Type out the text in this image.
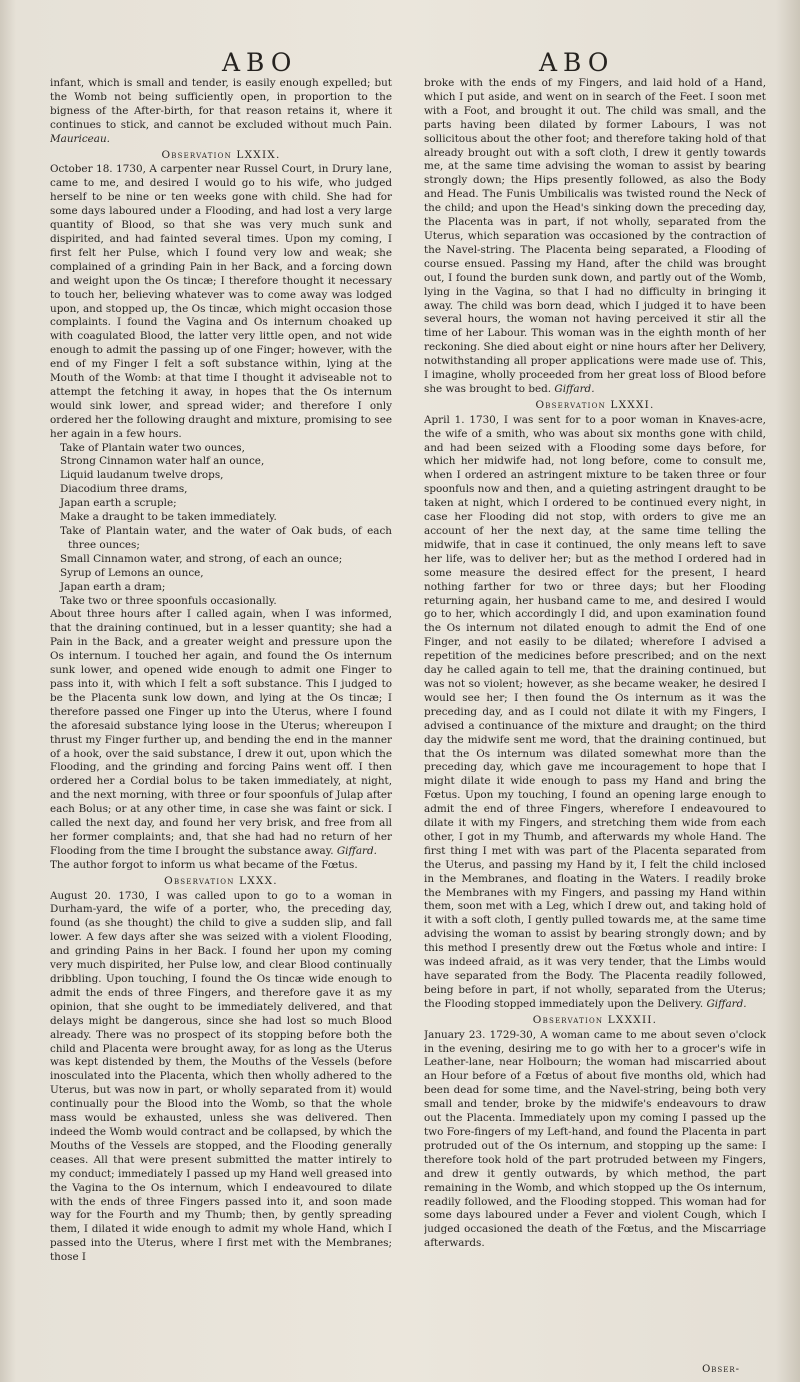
ABO	ABO

infant, which is small and tender, is easily enough expelled; but the Womb not being sufficiently open, in proportion to the bigness of the After-birth, for that reason retains it, where it continues to stick, and cannot be excluded without much Pain. Mauriceau.

Observation LXXIX.

October 18. 1730, A carpenter near Russel Court, in Drury lane, came to me, and desired I would go to his wife, who judged herself to be nine or ten weeks gone with child. She had for some days laboured under a Flooding, and had lost a very large quantity of Blood, so that she was very much sunk and dispirited, and had fainted several times. Upon my coming, I first felt her Pulse, which I found very low and weak; she complained of a grinding Pain in her Back, and a forcing down and weight upon the Os tincæ; I therefore thought it necessary to touch her, believing whatever was to come away was lodged upon, and stopped up, the Os tincæ, which might occasion those complaints. I found the Vagina and Os internum choaked up with coagulated Blood, the latter very little open, and not wide enough to admit the passing up of one Finger; however, with the end of my Finger I felt a soft substance within, lying at the Mouth of the Womb: at that time I thought it adviseable not to attempt the fetching it away, in hopes that the Os internum would sink lower, and spread wider; and therefore I only ordered her the following draught and mixture, promising to see her again in a few hours.

Take of Plantain water two ounces,
Strong Cinnamon water half an ounce,
Liquid laudanum twelve drops,
Diacodium three drams,
Japan earth a scruple;
Make a draught to be taken immediately.
Take of Plantain water, and the water of Oak buds, of each three ounces;
Small Cinnamon water, and strong, of each an ounce;
Syrup of Lemons an ounce,
Japan earth a dram;
Take two or three spoonfuls occasionally.

About three hours after I called again, when I was informed, that the draining continued, but in a lesser quantity; she had a Pain in the Back, and a greater weight and pressure upon the Os internum. I touched her again, and found the Os internum sunk lower, and opened wide enough to admit one Finger to pass into it, with which I felt a soft substance. This I judged to be the Placenta sunk low down, and lying at the Os tincæ; I therefore passed one Finger up into the Uterus, where I found the aforesaid substance lying loose in the Uterus; whereupon I thrust my Finger further up, and bending the end in the manner of a hook, over the said substance, I drew it out, upon which the Flooding, and the grinding and forcing Pains went off. I then ordered her a Cordial bolus to be taken immediately, at night, and the next morning, with three or four spoonfuls of Julap after each Bolus; or at any other time, in case she was faint or sick. I called the next day, and found her very brisk, and free from all her former complaints; and, that she had had no return of her Flooding from the time I brought the substance away. Giffard.

The author forgot to inform us what became of the Fœtus.

Observation LXXX.

August 20. 1730, I was called upon to go to a woman in Durham-yard, the wife of a porter, who, the preceding day, found (as she thought) the child to give a sudden slip, and fall lower. A few days after she was seized with a violent Flooding, and grinding Pains in her Back. I found her upon my coming very much dispirited, her Pulse low, and clear Blood continually dribbling. Upon touching, I found the Os tincæ wide enough to admit the ends of three Fingers, and therefore gave it as my opinion, that she ought to be immediately delivered, and that delays might be dangerous, since she had lost so much Blood already. There was no prospect of its stopping before both the child and Placenta were brought away, for as long as the Uterus was kept distended by them, the Mouths of the Vessels (before inosculated into the Placenta, which then wholly adhered to the Uterus, but was now in part, or wholly separated from it) would continually pour the Blood into the Womb, so that the whole mass would be exhausted, unless she was delivered. Then indeed the Womb would contract and be collapsed, by which the Mouths of the Vessels are stopped, and the Flooding generally ceases. All that were present submitted the matter intirely to my conduct; immediately I passed up my Hand well greased into the Vagina to the Os internum, which I endeavoured to dilate with the ends of three Fingers passed into it, and soon made way for the Fourth and my Thumb; then, by gently spreading them, I dilated it wide enough to admit my whole Hand, which I passed into the Uterus, where I first met with the Membranes; those I

broke with the ends of my Fingers, and laid hold of a Hand, which I put aside, and went on in search of the Feet. I soon met with a Foot, and brought it out. The child was small, and the parts having been dilated by former Labours, I was not sollicitous about the other foot; and therefore taking hold of that already brought out with a soft cloth, I drew it gently towards me, at the same time advising the woman to assist by bearing strongly down; the Hips presently followed, as also the Body and Head. The Funis Umbilicalis was twisted round the Neck of the child; and upon the Head's sinking down the preceding day, the Placenta was in part, if not wholly, separated from the Uterus, which separation was occasioned by the contraction of the Navel-string. The Placenta being separated, a Flooding of course ensued. Passing my Hand, after the child was brought out, I found the burden sunk down, and partly out of the Womb, lying in the Vagina, so that I had no difficulty in bringing it away. The child was born dead, which I judged it to have been several hours, the woman not having perceived it stir all the time of her Labour. This woman was in the eighth month of her reckoning. She died about eight or nine hours after her Delivery, notwithstanding all proper applications were made use of. This, I imagine, wholly proceeded from her great loss of Blood before she was brought to bed. Giffard.

Observation LXXXI.

April 1. 1730, I was sent for to a poor woman in Knaves-acre, the wife of a smith, who was about six months gone with child, and had been seized with a Flooding some days before, for which her midwife had, not long before, come to consult me, when I ordered an astringent mixture to be taken three or four spoonfuls now and then, and a quieting astringent draught to be taken at night, which I ordered to be continued every night, in case her Flooding did not stop, with orders to give me an account of her the next day, at the same time telling the midwife, that in case it continued, the only means left to save her life, was to deliver her; but as the method I ordered had in some measure the desired effect for the present, I heard nothing farther for two or three days; but her Flooding returning again, her husband came to me, and desired I would go to her, which accordingly I did, and upon examination found the Os internum not dilated enough to admit the End of one Finger, and not easily to be dilated; wherefore I advised a repetition of the medicines before prescribed; and on the next day he called again to tell me, that the draining continued, but was not so violent; however, as she became weaker, he desired I would see her; I then found the Os internum as it was the preceding day, and as I could not dilate it with my Fingers, I advised a continuance of the mixture and draught; on the third day the midwife sent me word, that the draining continued, but that the Os internum was dilated somewhat more than the preceding day, which gave me incouragement to hope that I might dilate it wide enough to pass my Hand and bring the Fœtus. Upon my touching, I found an opening large enough to admit the end of three Fingers, wherefore I endeavoured to dilate it with my Fingers, and stretching them wide from each other, I got in my Thumb, and afterwards my whole Hand. The first thing I met with was part of the Placenta separated from the Uterus, and passing my Hand by it, I felt the child inclosed in the Membranes, and floating in the Waters. I readily broke the Membranes with my Fingers, and passing my Hand within them, soon met with a Leg, which I drew out, and taking hold of it with a soft cloth, I gently pulled towards me, at the same time advising the woman to assist by bearing strongly down; and by this method I presently drew out the Fœtus whole and intire: I was indeed afraid, as it was very tender, that the Limbs would have separated from the Body. The Placenta readily followed, being before in part, if not wholly, separated from the Uterus; the Flooding stopped immediately upon the Delivery. Giffard.

Observation LXXXII.

January 23. 1729-30, A woman came to me about seven o'clock in the evening, desiring me to go with her to a grocer's wife in Leather-lane, near Holbourn; the woman had miscarried about an Hour before of a Fœtus of about five months old, which had been dead for some time, and the Navel-string, being both very small and tender, broke by the midwife's endeavours to draw out the Placenta. Immediately upon my coming I passed up the two Fore-fingers of my Left-hand, and found the Placenta in part protruded out of the Os internum, and stopping up the same: I therefore took hold of the part protruded between my Fingers, and drew it gently outwards, by which method, the part remaining in the Womb, and which stopped up the Os internum, readily followed, and the Flooding stopped. This woman had for some days laboured under a Fever and violent Cough, which I judged occasioned the death of the Fœtus, and the Miscarriage afterwards.

Obser-
